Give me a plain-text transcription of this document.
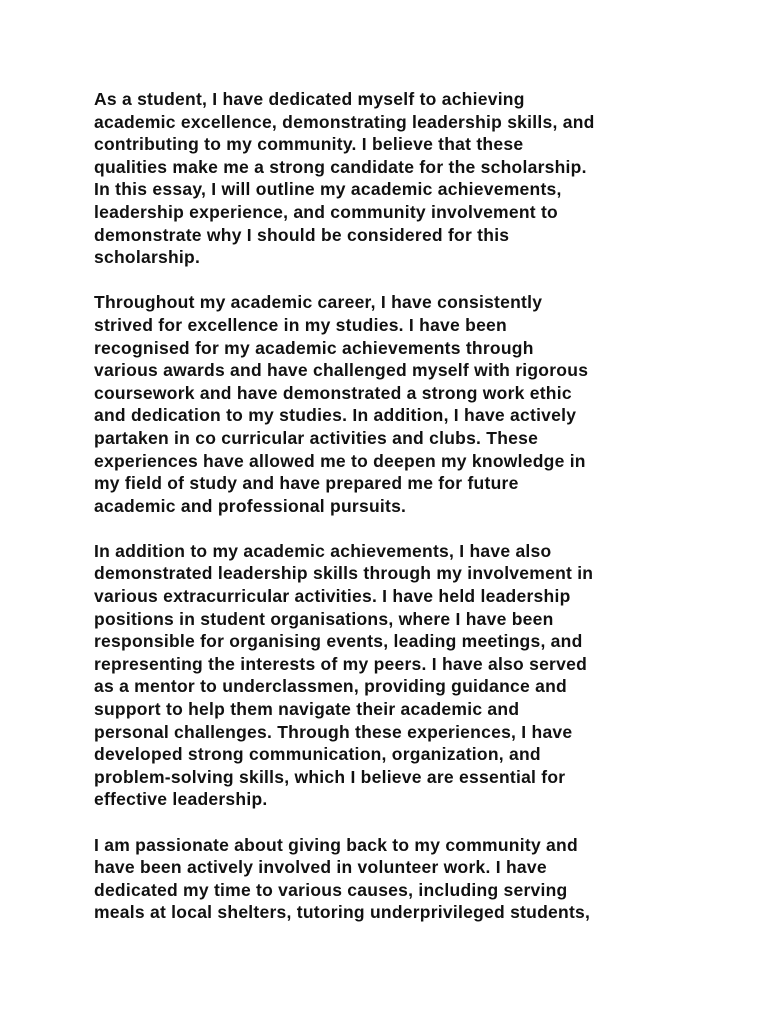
As a student, I have dedicated myself to achieving
academic excellence, demonstrating leadership skills, and
contributing to my community. I believe that these
qualities make me a strong candidate for the scholarship.
In this essay, I will outline my academic achievements,
leadership experience, and community involvement to
demonstrate why I should be considered for this
scholarship.

Throughout my academic career, I have consistently
strived for excellence in my studies. I have been
recognised for my academic achievements through
various awards and have challenged myself with rigorous
coursework and have demonstrated a strong work ethic
and dedication to my studies. In addition, I have actively
partaken in co curricular activities and clubs. These
experiences have allowed me to deepen my knowledge in
my field of study and have prepared me for future
academic and professional pursuits.

In addition to my academic achievements, I have also
demonstrated leadership skills through my involvement in
various extracurricular activities. I have held leadership
positions in student organisations, where I have been
responsible for organising events, leading meetings, and
representing the interests of my peers. I have also served
as a mentor to underclassmen, providing guidance and
support to help them navigate their academic and
personal challenges. Through these experiences, I have
developed strong communication, organization, and
problem-solving skills, which I believe are essential for
effective leadership.

I am passionate about giving back to my community and
have been actively involved in volunteer work. I have
dedicated my time to various causes, including serving
meals at local shelters, tutoring underprivileged students,
